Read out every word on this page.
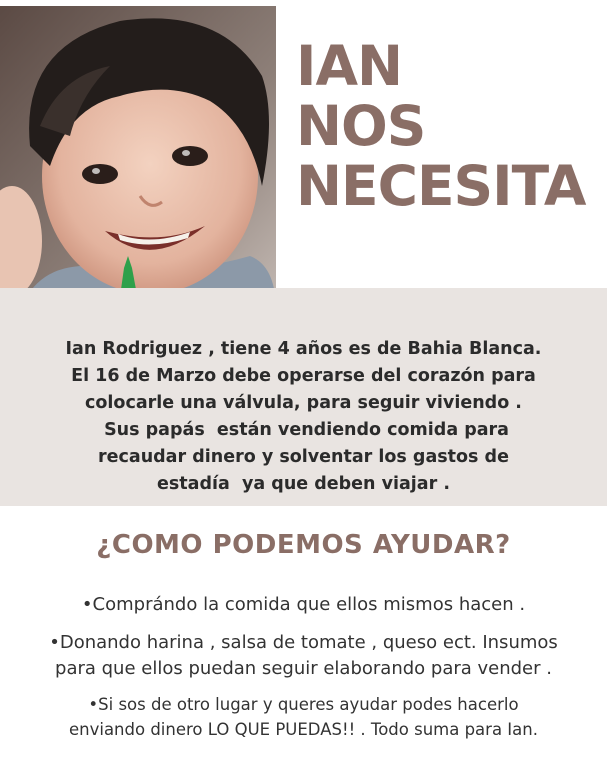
IAN
NOS
NECESITA

Ian Rodriguez , tiene 4 años es de Bahia Blanca.
El 16 de Marzo debe operarse del corazón para
colocarle una válvula, para seguir viviendo .
Sus papás  están vendiendo comida para
recaudar dinero y solventar los gastos de
estadía  ya que deben viajar .

¿COMO PODEMOS AYUDAR?
•Comprándo la comida que ellos mismos hacen .
•Donando harina , salsa de tomate , queso ect. Insumos
para que ellos puedan seguir elaborando para vender .
•Si sos de otro lugar y queres ayudar podes hacerlo
enviando dinero LO QUE PUEDAS!! . Todo suma para Ian.
